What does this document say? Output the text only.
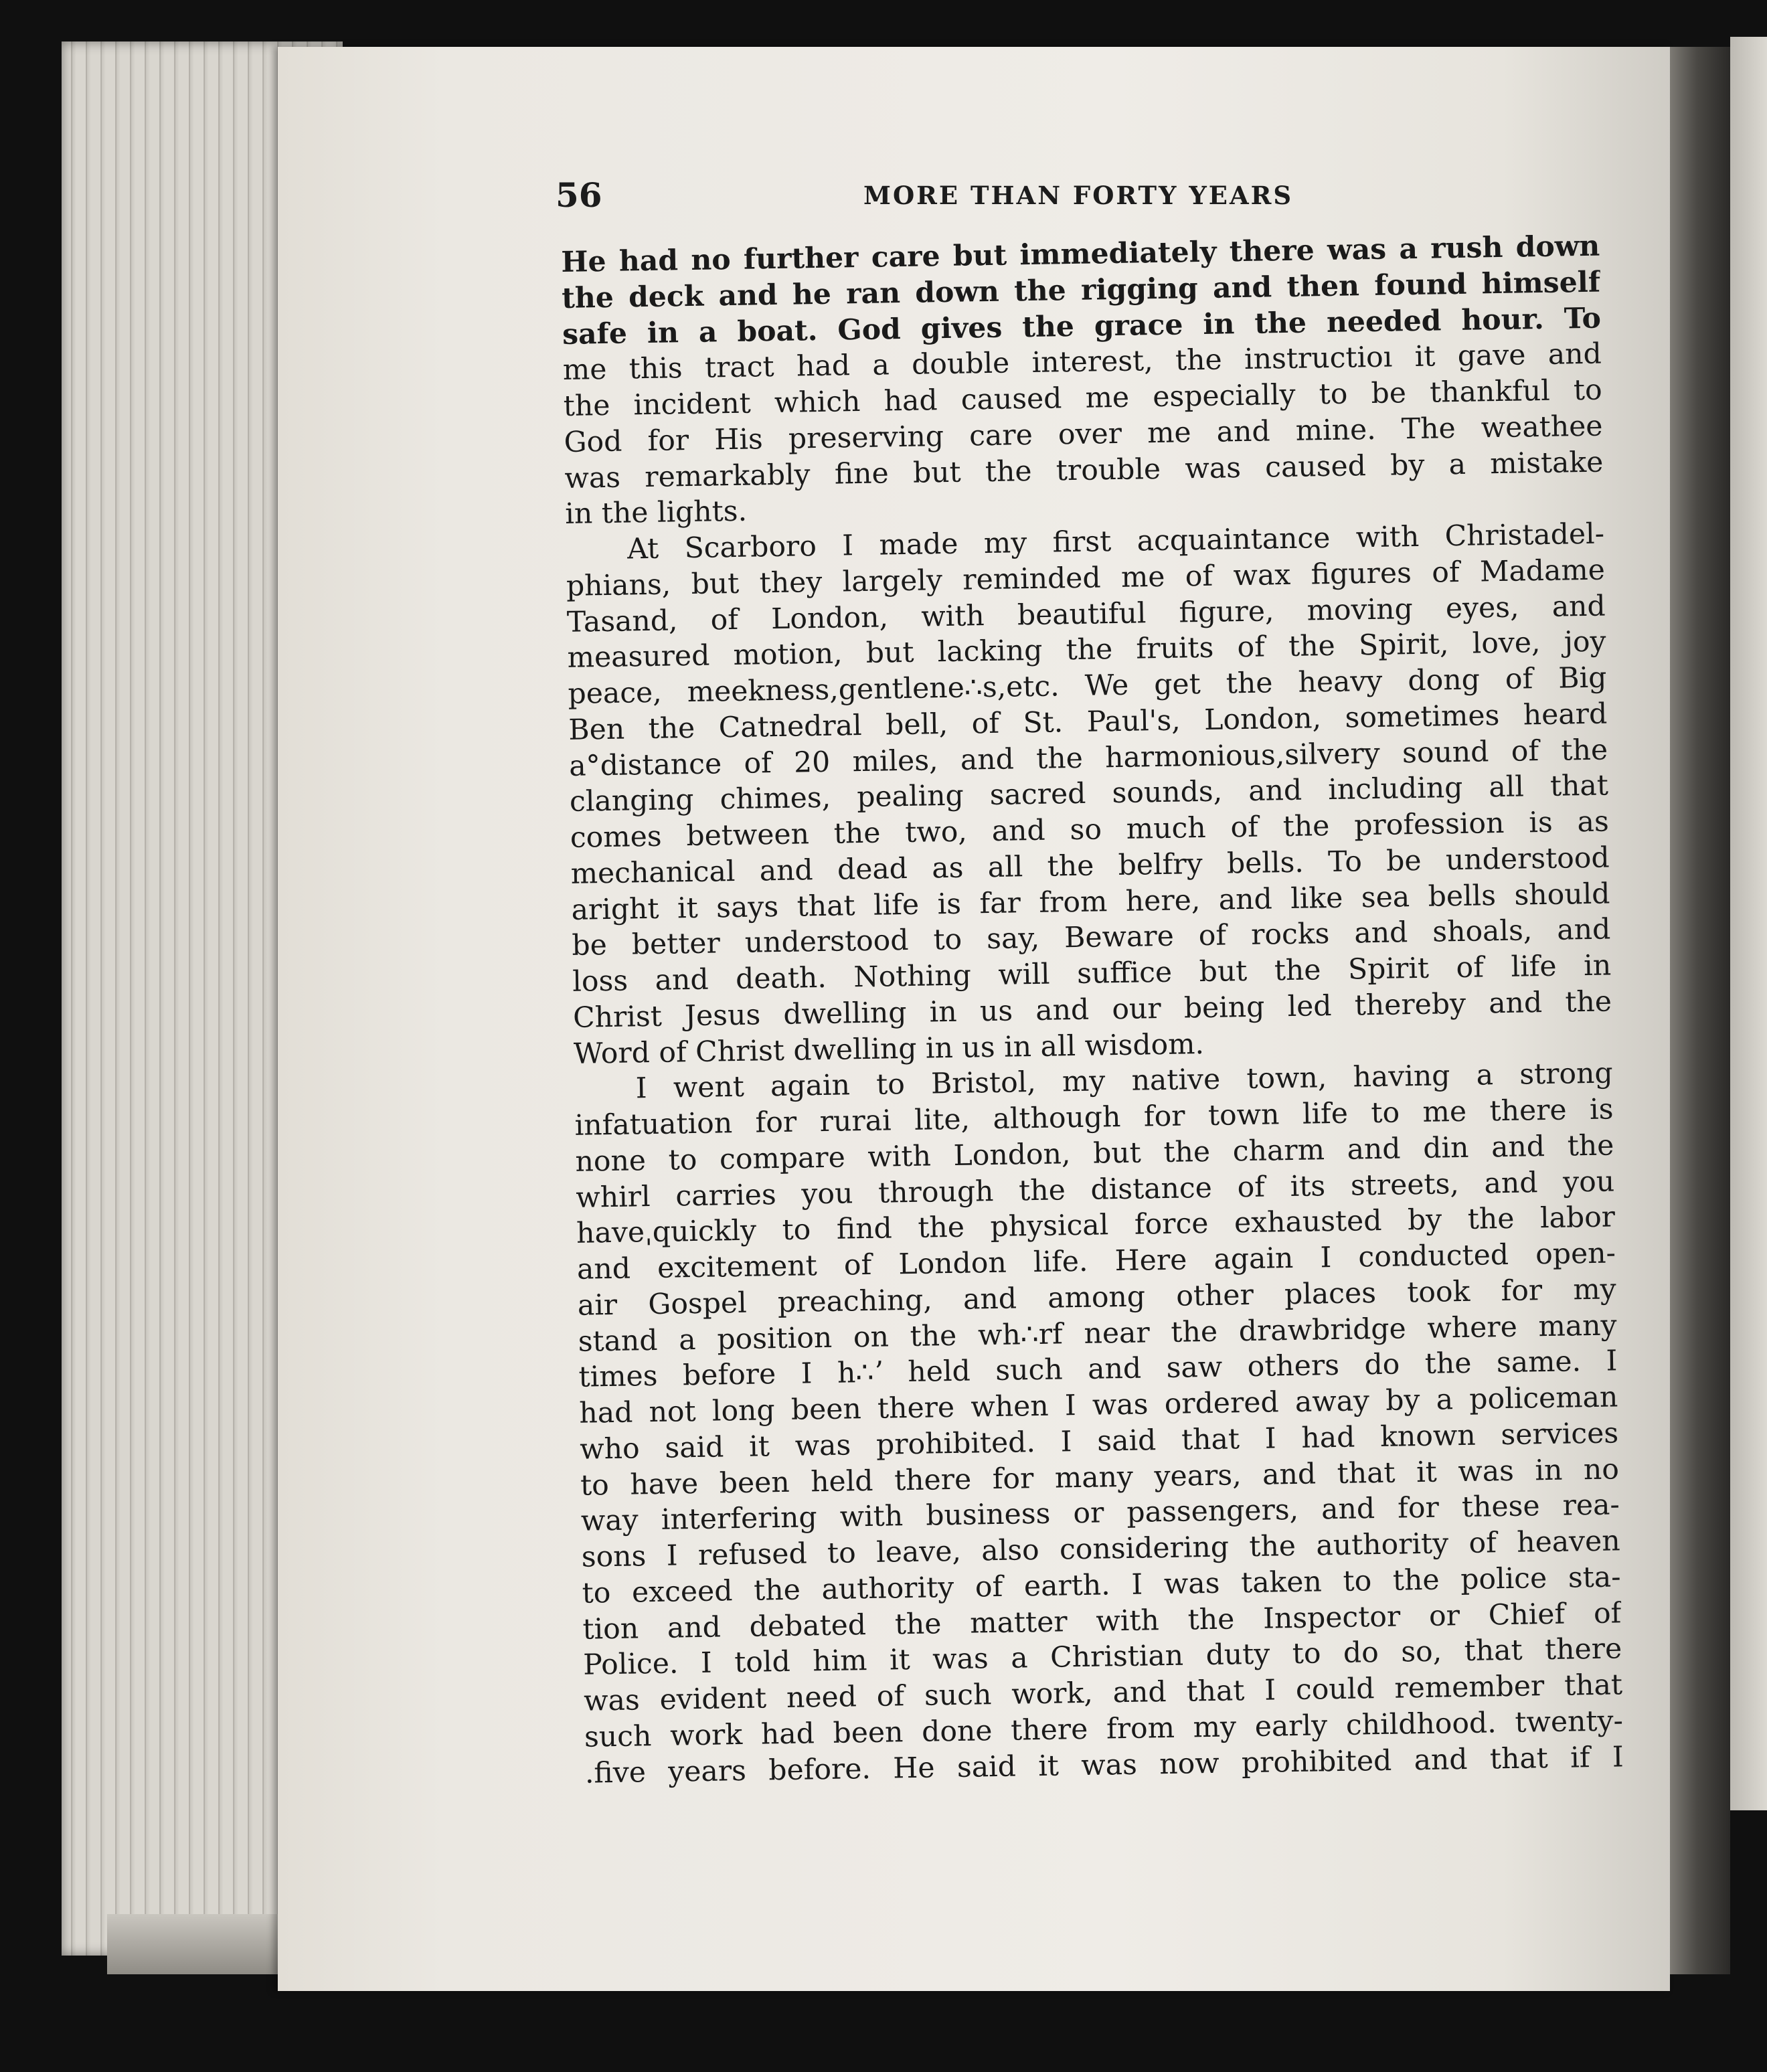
56	MORE THAN FORTY YEARS
He had no further care but immediately there was a rush down
the deck and he ran down the rigging and then found himself
safe in a boat. God gives the grace in the needed hour. To
me this tract had a double interest, the instructioı it gave and
the incident which had caused me especially to be thankful to
God for His preserving care over me and mine. The weathee
was remarkably fine but the trouble was caused by a mistake
in the lights.
At Scarboro I made my first acquaintance with Christadel-
phians, but they largely reminded me of wax figures of Madame
Tasand, of London, with beautiful figure, moving eyes, and
measured motion, but lacking the fruits of the Spirit, love, joy
peace, meekness,gentlene∴s,etc. We get the heavy dong of Big
Ben the Catnedral bell, of St. Paul's, London, sometimes heard
a°distance of 20 miles, and the harmonious,silvery sound of the
clanging chimes, pealing sacred sounds, and including all that
comes between the two, and so much of the profession is as
mechanical and dead as all the belfry bells. To be understood
aright it says that life is far from here, and like sea bells should
be better understood to say, Beware of rocks and shoals, and
loss and death. Nothing will suffice but the Spirit of life in
Christ Jesus dwelling in us and our being led thereby and the
Word of Christ dwelling in us in all wisdom.
I went again to Bristol, my native town, having a strong
infatuation for rurai lite, although for town life to me there is
none to compare with London, but the charm and din and the
whirl carries you through the distance of its streets, and you
haveˌquickly to find the physical force exhausted by the labor
and excitement of London life. Here again I conducted open-
air Gospel preaching, and among other places took for my
stand a position on the wh∴rf near the drawbridge where many
times before I h∴ʼ held such and saw others do the same. I
had not long been there when I was ordered away by a policeman
who said it was prohibited. I said that I had known services
to have been held there for many years, and that it was in no
way interfering with business or passengers, and for these rea-
sons I refused to leave, also considering the authority of heaven
to exceed the authority of earth. I was taken to the police sta-
tion and debated the matter with the Inspector or Chief of
Police. I told him it was a Christian duty to do so, that there
was evident need of such work, and that I could remember that
such work had been done there from my early childhood. twenty-
.five years before. He said it was now prohibited and that if I
